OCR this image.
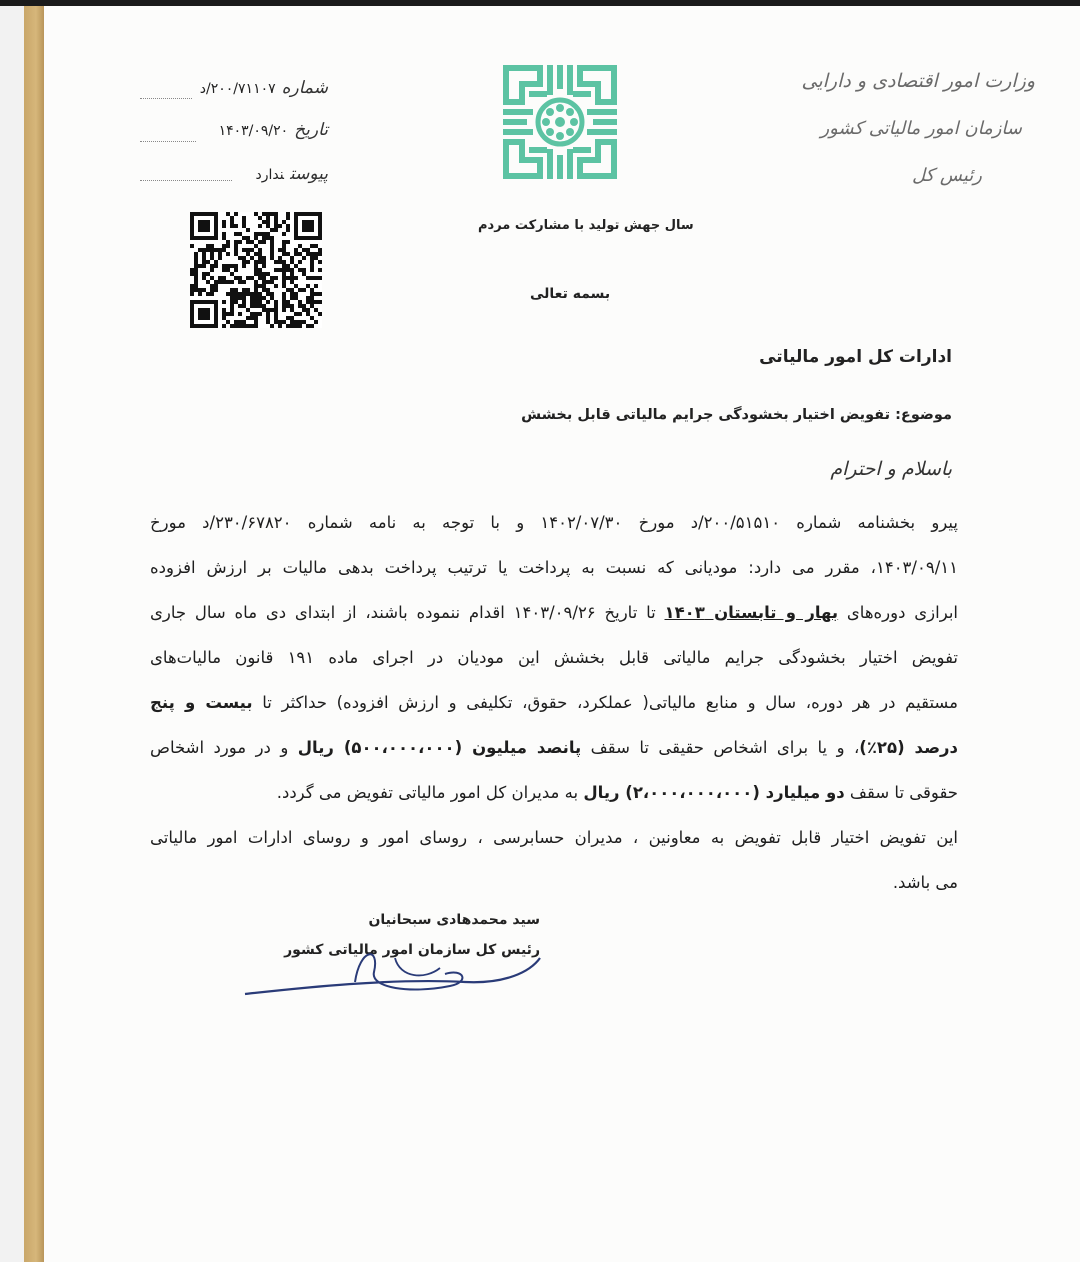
وزارت امور اقتصادی و دارایی
سازمان امور مالیاتی کشور
رئیس کل
شماره۲۰۰/۷۱۱۰۷/د
تاریخ۱۴۰۳/۰۹/۲۰
پیوستندارد
سال جهش تولید با مشارکت مردم
بسمه تعالی
ادارات کل امور مالیاتی
موضوع: تفویض اختیار بخشودگی جرایم مالیاتی قابل بخشش
باسلام و احترام
پیرو بخشنامه شماره ۲۰۰/۵۱۵۱۰/د مورخ ۱۴۰۲/۰۷/۳۰ و با توجه به نامه شماره ۲۳۰/۶۷۸۲۰/د مورخ
۱۴۰۳/۰۹/۱۱، مقرر می دارد: مودیانی که نسبت به پرداخت یا ترتیب پرداخت بدهی مالیات بر ارزش افزوده
ابرازی دوره‌های بهار و تابستان ۱۴۰۳ تا تاریخ ۱۴۰۳/۰۹/۲۶ اقدام ننموده باشند، از ابتدای دی ماه سال جاری
تفویض اختیار بخشودگی جرایم مالیاتی قابل بخشش این مودیان در اجرای ماده ۱۹۱ قانون مالیات‌های
مستقیم در هر دوره، سال و منابع مالیاتی( عملکرد، حقوق، تکلیفی و ارزش افزوده) حداکثر تا بیست و پنج
درصد (۲۵٪)، و یا برای اشخاص حقیقی تا سقف پانصد میلیون (۵۰۰،۰۰۰،۰۰۰) ریال و در مورد اشخاص
حقوقی تا سقف دو میلیارد (۲،۰۰۰،۰۰۰،۰۰۰) ریال به مدیران کل امور مالیاتی تفویض می گردد.
این تفویض اختیار قابل تفویض به معاونین ، مدیران حسابرسی ، روسای امور و روسای ادارات امور مالیاتی
می باشد.
سید محمدهادی سبحانیان
رئیس کل سازمان امور مالیاتی کشور
